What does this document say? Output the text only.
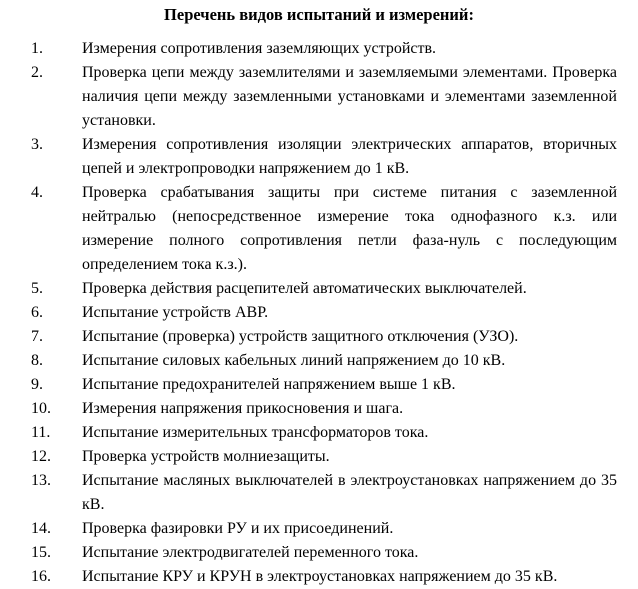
Перечень видов испытаний и измерений:
1.	Измерения сопротивления заземляющих устройств.
2.	Проверка цепи между заземлителями и заземляемыми элементами. Проверка наличия цепи между заземленными установками и элементами заземленной установки.
3.	Измерения сопротивления изоляции электрических аппаратов, вторичных цепей и электропроводки напряжением до 1 кВ.
4.	Проверка срабатывания защиты при системе питания с заземленной нейтралью (непосредственное измерение тока однофазного к.з. или измерение полного сопротивления петли фаза-нуль с последующим определением тока к.з.).
5.	Проверка действия расцепителей автоматических выключателей.
6.	Испытание устройств АВР.
7.	Испытание (проверка) устройств защитного отключения (УЗО).
8.	Испытание силовых кабельных линий напряжением до 10 кВ.
9.	Испытание предохранителей напряжением выше 1 кВ.
10.	Измерения напряжения прикосновения и шага.
11.	Испытание измерительных трансформаторов тока.
12.	Проверка устройств молниезащиты.
13.	Испытание масляных выключателей в электроустановках напряжением до 35 кВ.
14.	Проверка фазировки РУ и их присоединений.
15.	Испытание электродвигателей переменного тока.
16.	Испытание КРУ и КРУН в электроустановках напряжением до 35 кВ.
